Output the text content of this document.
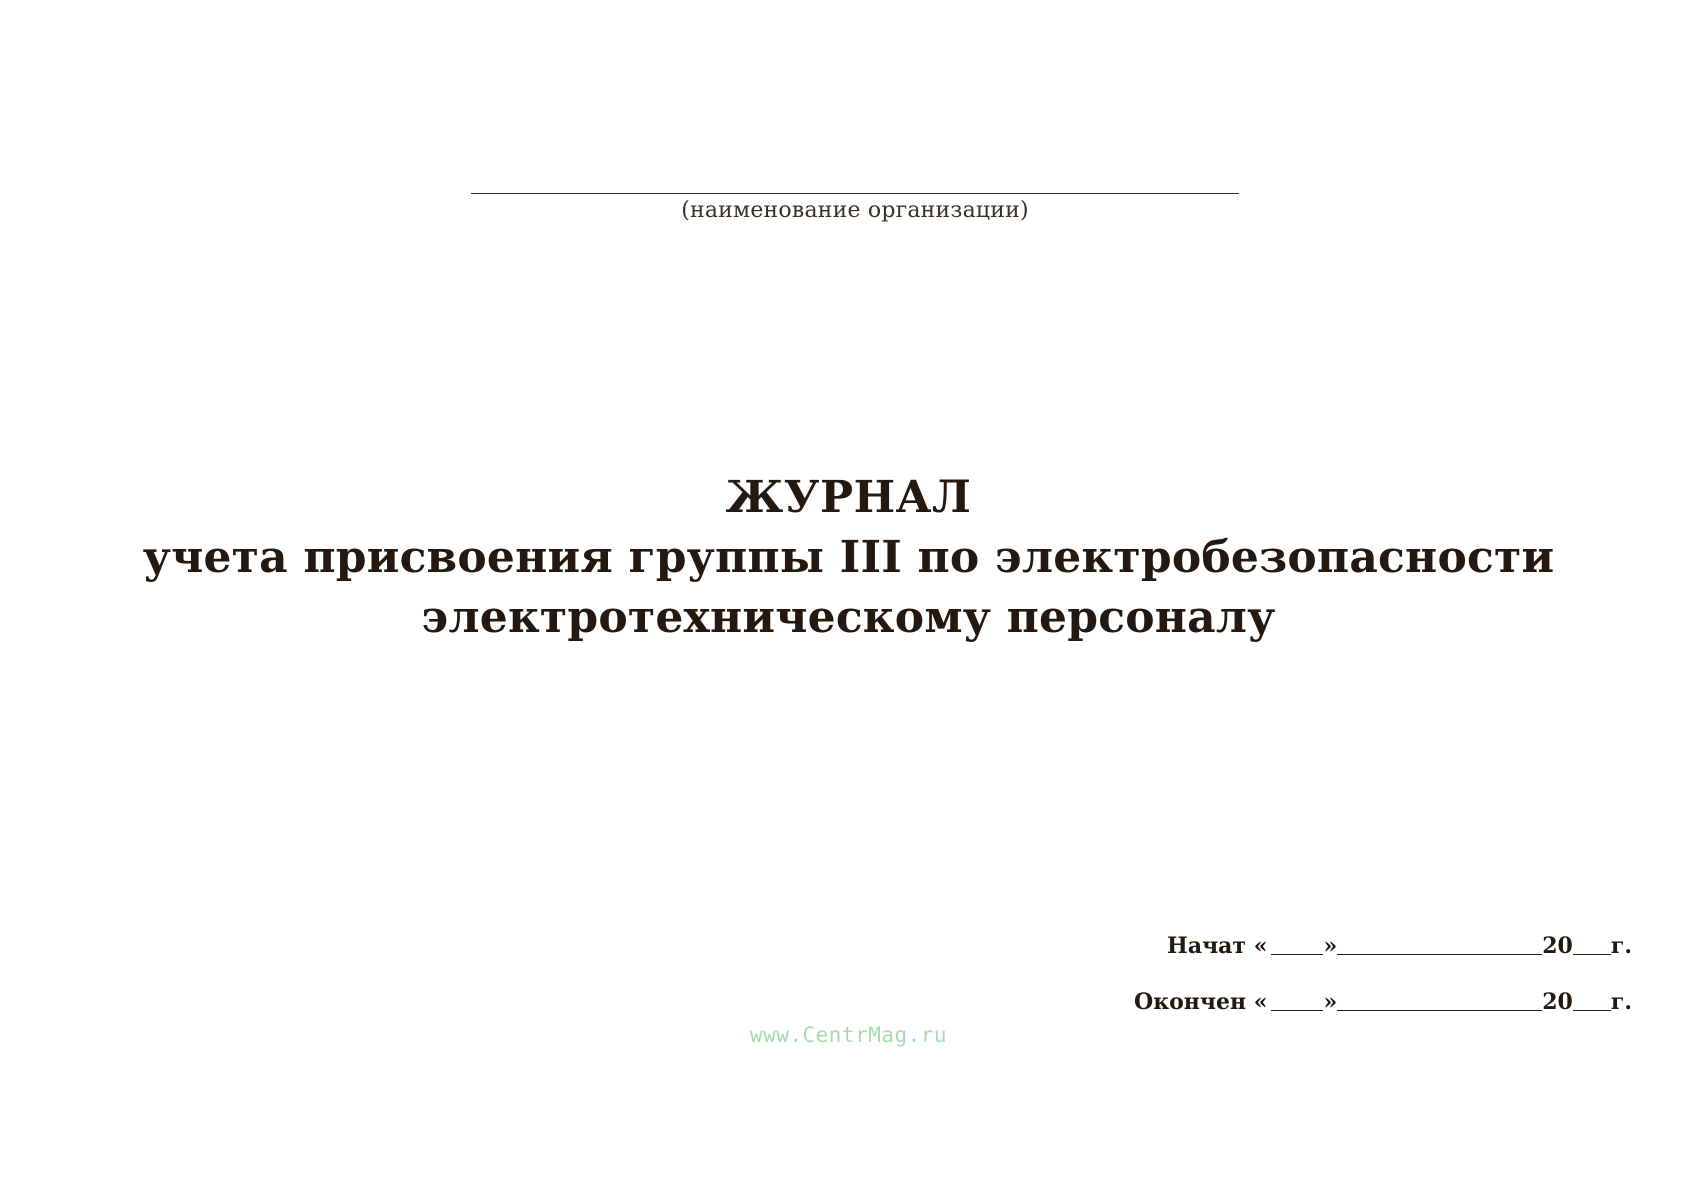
(наименование организации)
ЖУРНАЛ
учета присвоения группы III по электробезопасности
электротехническому персоналу
Начат «	»	20 г.
Окончен «	»	20 г.
www.CentrMag.ru
